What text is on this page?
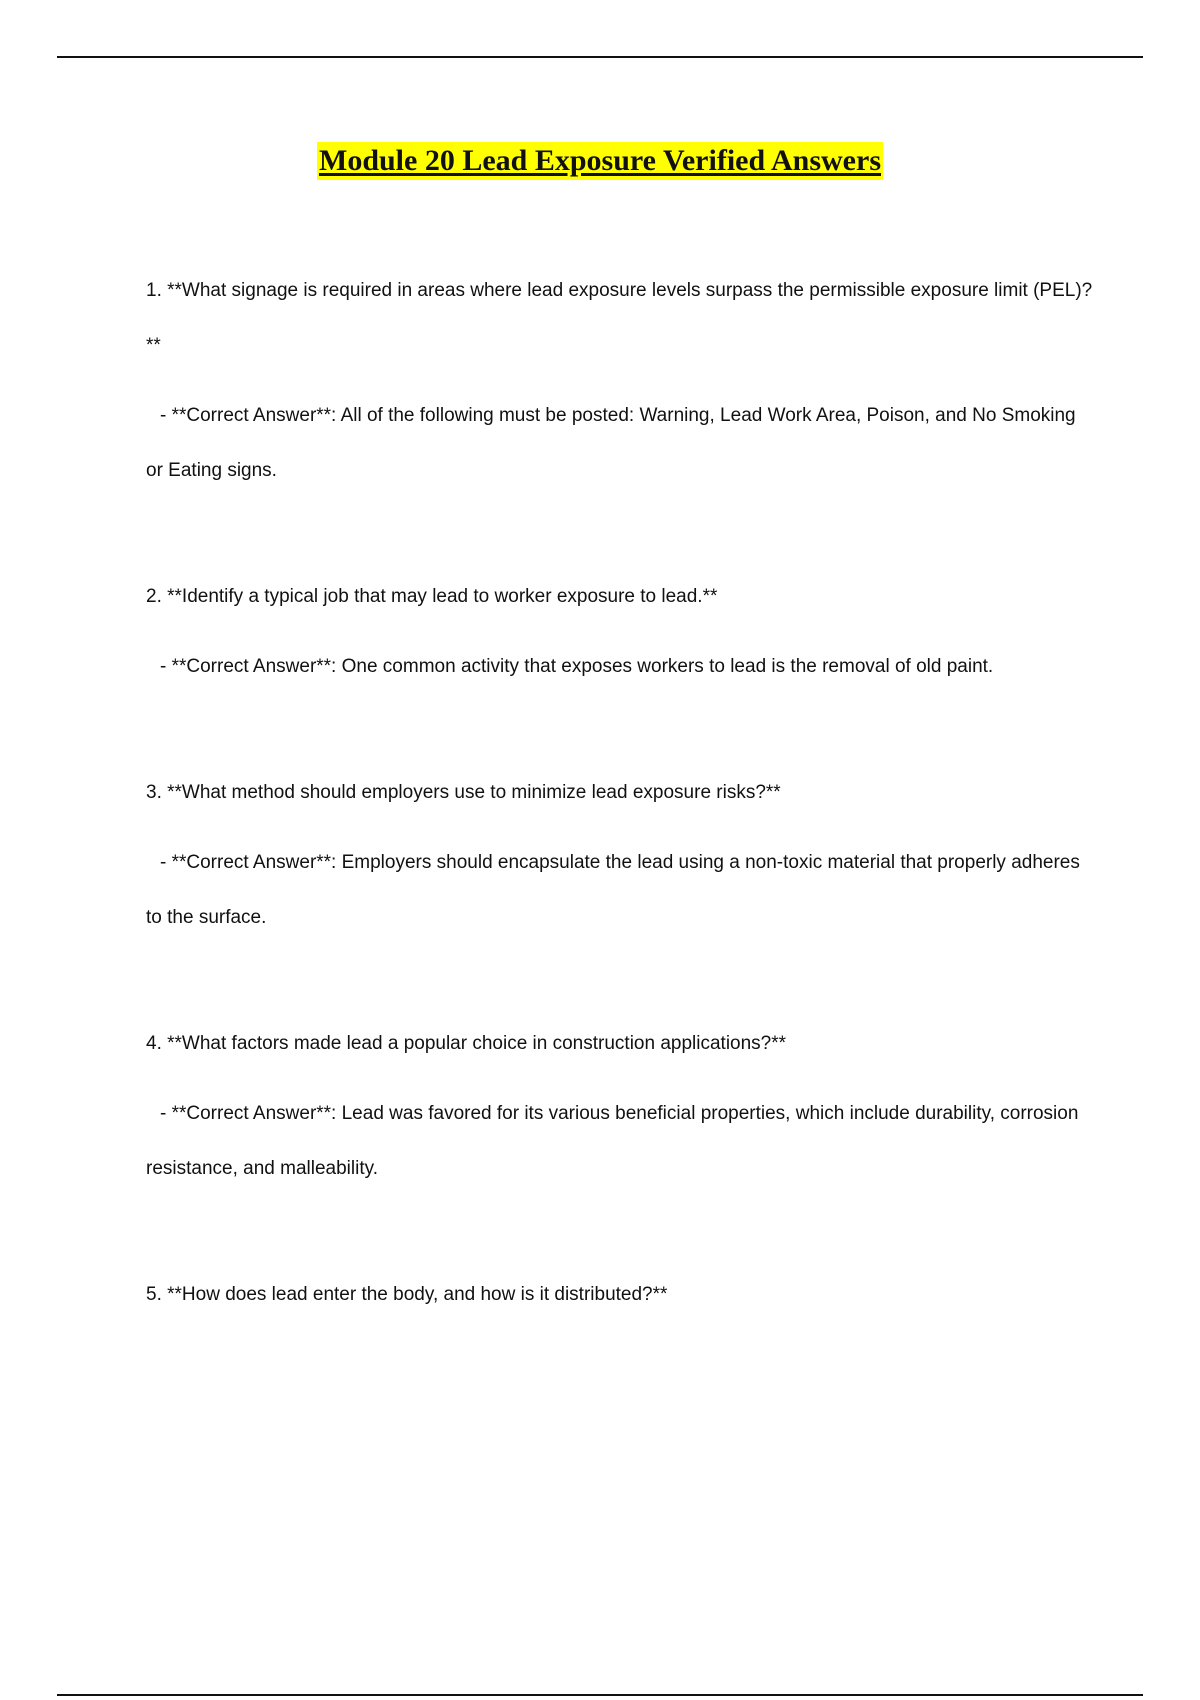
Module 20 Lead Exposure Verified Answers

1. **What signage is required in areas where lead exposure levels surpass the permissible exposure limit (PEL)?**

- **Correct Answer**: All of the following must be posted: Warning, Lead Work Area, Poison, and No Smoking or Eating signs.

2. **Identify a typical job that may lead to worker exposure to lead.**

- **Correct Answer**: One common activity that exposes workers to lead is the removal of old paint.

3. **What method should employers use to minimize lead exposure risks?**

- **Correct Answer**: Employers should encapsulate the lead using a non-toxic material that properly adheres to the surface.

4. **What factors made lead a popular choice in construction applications?**

- **Correct Answer**: Lead was favored for its various beneficial properties, which include durability, corrosion resistance, and malleability.

5. **How does lead enter the body, and how is it distributed?**
